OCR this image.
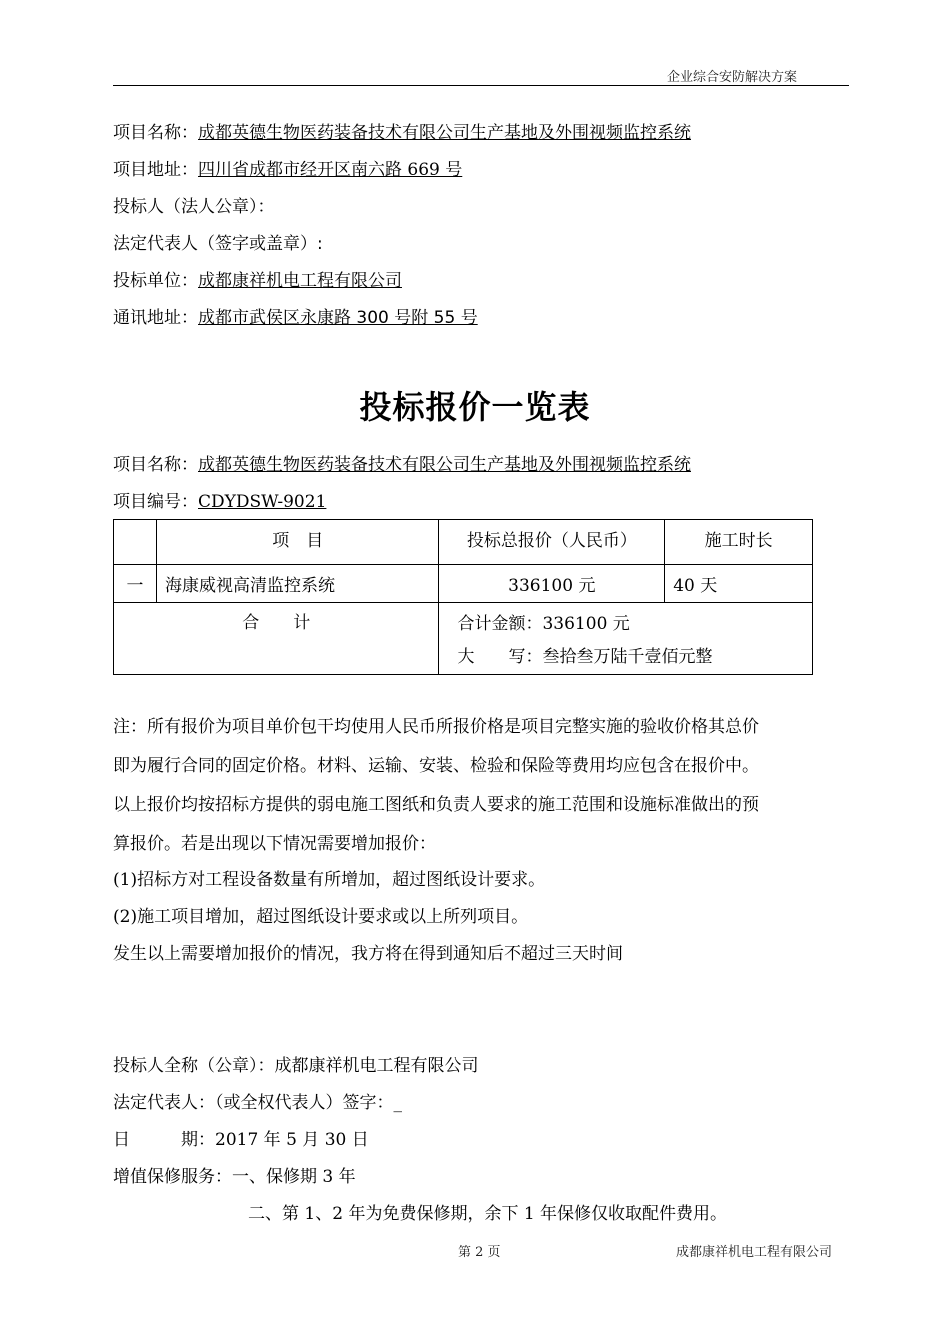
企业综合安防解决方案
项目名称：成都英德生物医药装备技术有限公司生产基地及外围视频监控系统
项目地址：四川省成都市经开区南六路 669 号
投标人（法人公章）：
法定代表人（签字或盖章）:
投标单位：成都康祥机电工程有限公司
通讯地址：成都市武侯区永康路 300 号附 55 号
投标报价一览表
项目名称：成都英德生物医药装备技术有限公司生产基地及外围视频监控系统
项目编号：CDYDSW-9021

	项　目	投标总报价（人民币）	施工时长

一	海康威视高清监控系统	336100 元	40 天

合　　计		合计金额：336100 元
大　　写：叁拾叁万陆千壹佰元整	
注：所有报价为项目单价包干均使用人民币所报价格是项目完整实施的验收价格其总价
即为履行合同的固定价格。材料、运输、安装、检验和保险等费用均应包含在报价中。
以上报价均按招标方提供的弱电施工图纸和负责人要求的施工范围和设施标准做出的预
算报价。若是出现以下情况需要增加报价：
(1)招标方对工程设备数量有所增加，超过图纸设计要求。
(2)施工项目增加，超过图纸设计要求或以上所列项目。
发生以上需要增加报价的情况，我方将在得到通知后不超过三天时间
投标人全称（公章）：成都康祥机电工程有限公司
法定代表人：（或全权代表人）签字：_
日　　　期：2017 年 5 月 30 日
增值保修服务：一、保修期 3 年
二、第 1、2 年为免费保修期，余下 1 年保修仅收取配件费用。
第 2 页	成都康祥机电工程有限公司
